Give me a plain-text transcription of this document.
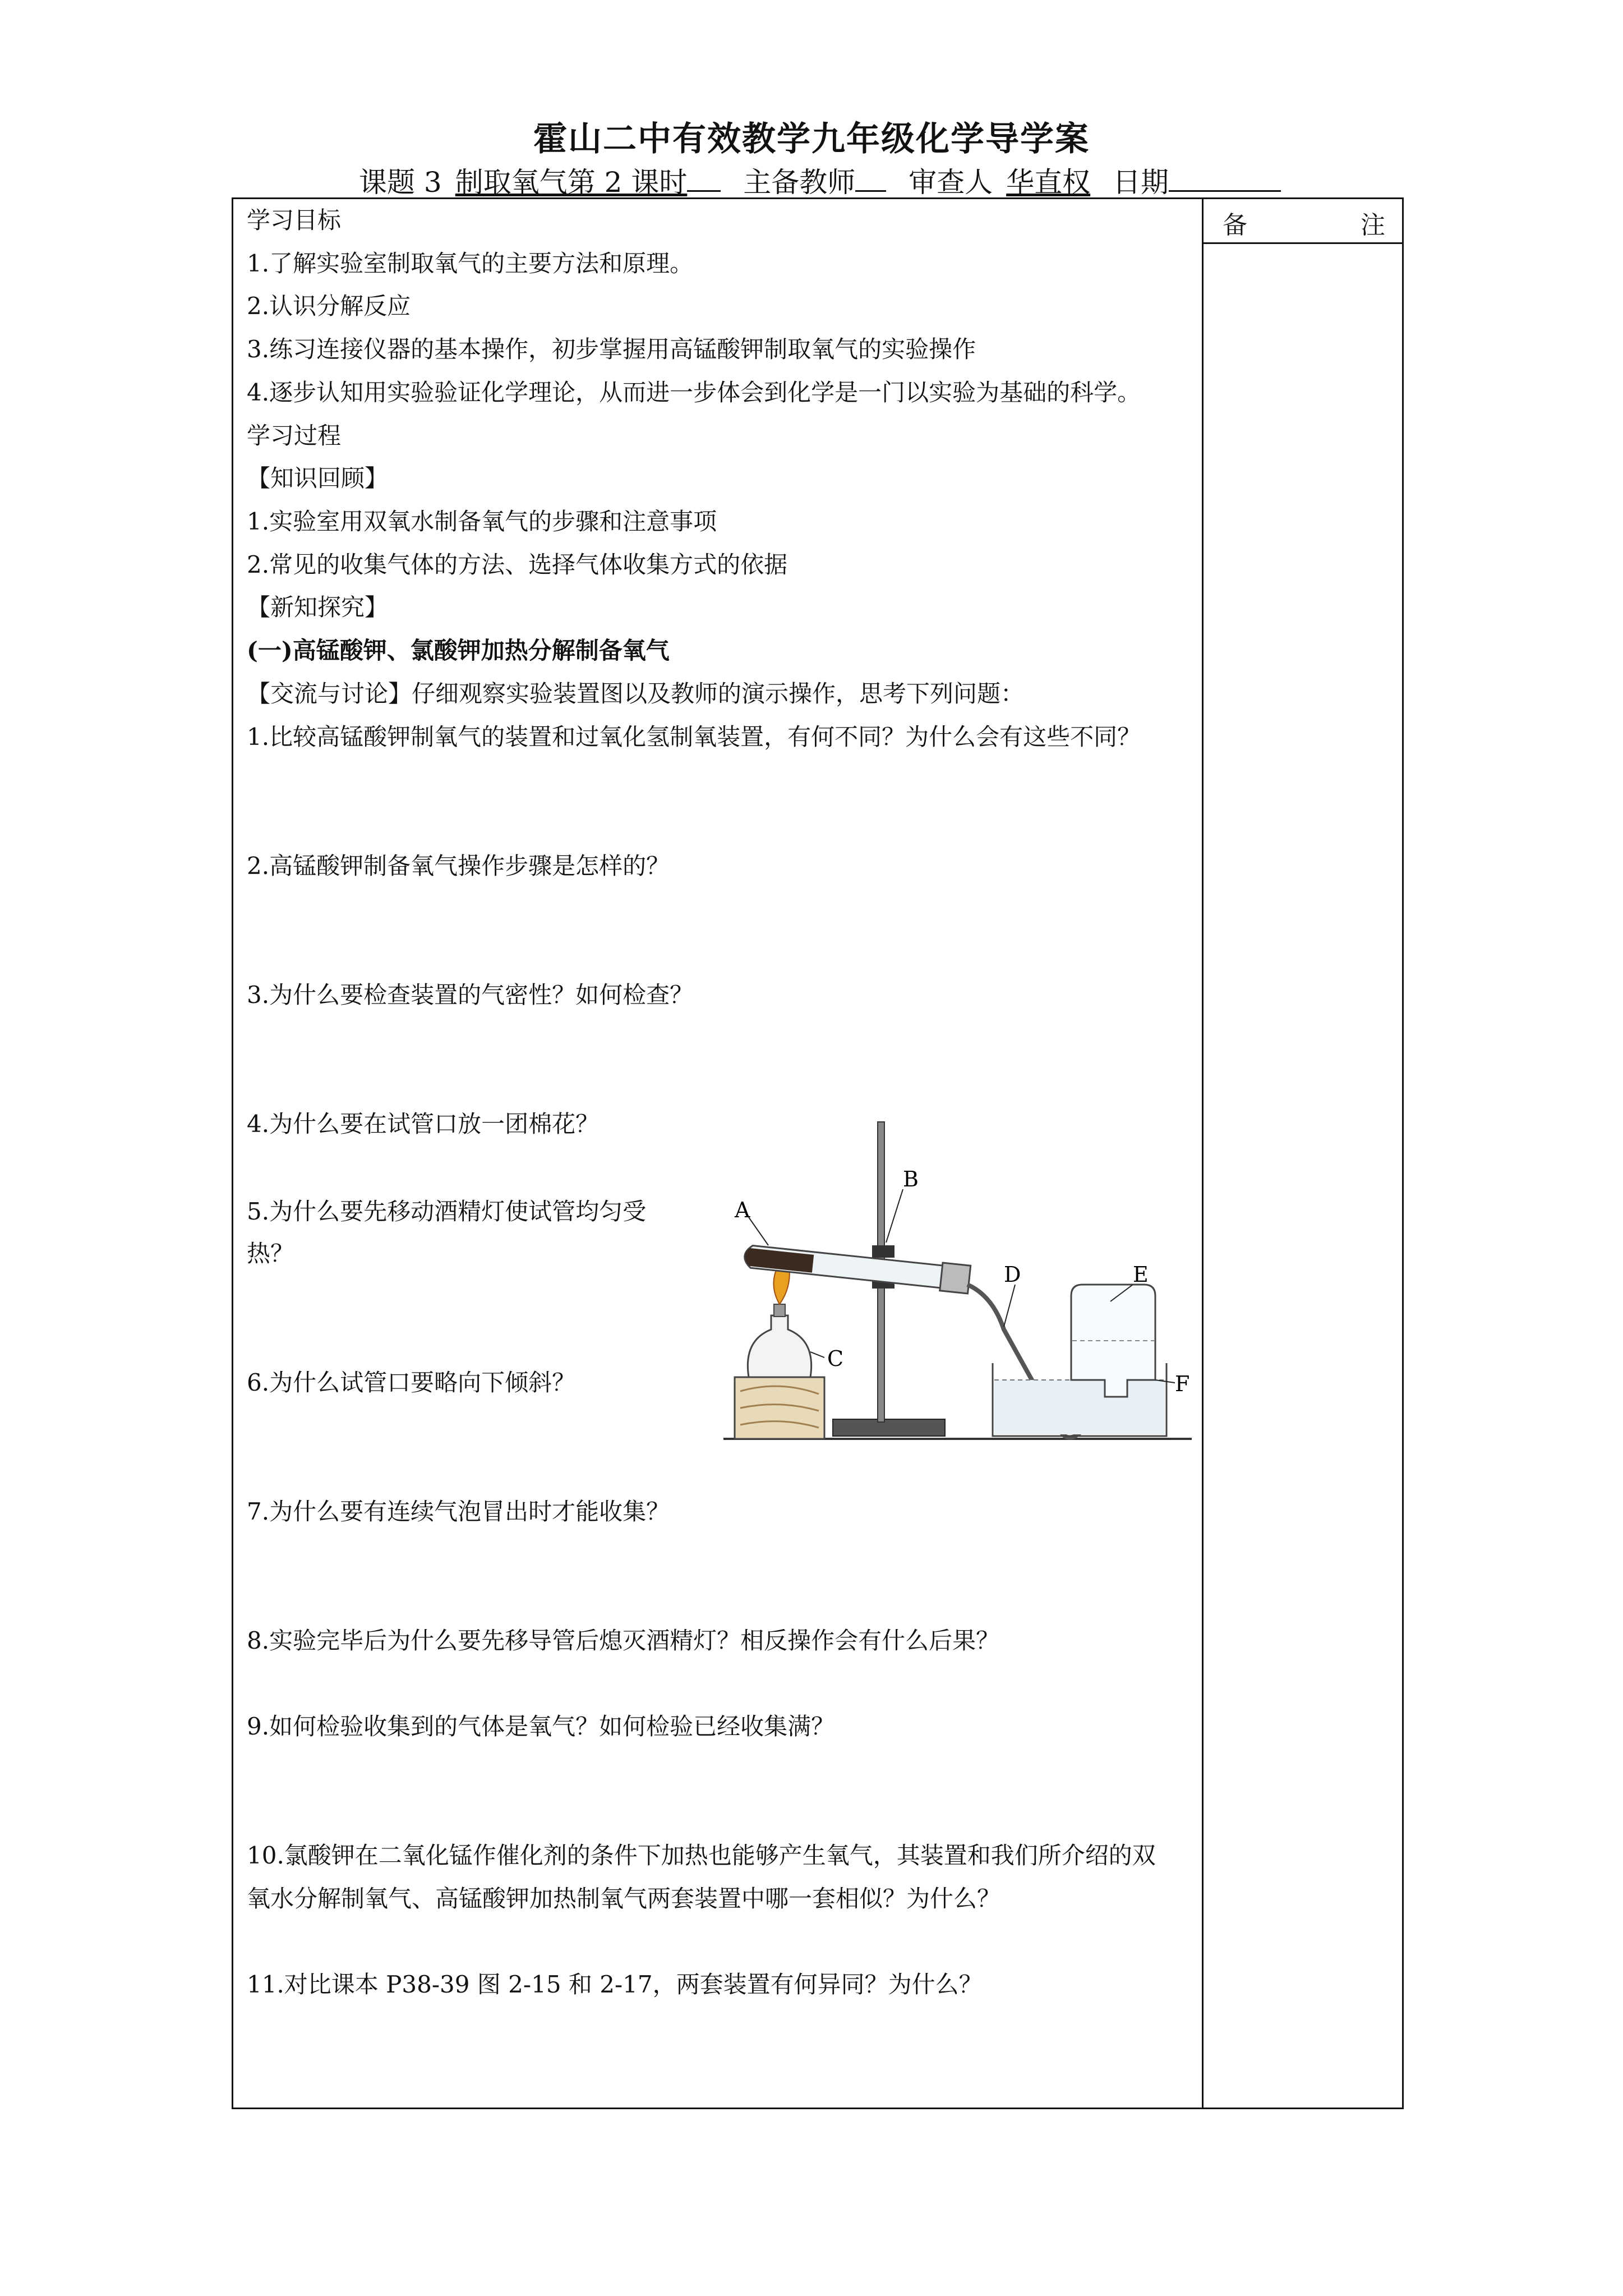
霍山二中有效教学九年级化学导学案
课题 3 制取氧气第 2 课时 主备教师 审查人 华直权 日期
备	注
学习目标
1.了解实验室制取氧气的主要方法和原理。
2.认识分解反应
3.练习连接仪器的基本操作，初步掌握用高锰酸钾制取氧气的实验操作
4.逐步认知用实验验证化学理论，从而进一步体会到化学是一门以实验为基础的科学。
学习过程
【知识回顾】
1.实验室用双氧水制备氧气的步骤和注意事项
2.常见的收集气体的方法、选择气体收集方式的依据
【新知探究】
(一)高锰酸钾、氯酸钾加热分解制备氧气
【交流与讨论】仔细观察实验装置图以及教师的演示操作，思考下列问题：
1.比较高锰酸钾制氧气的装置和过氧化氢制氧装置，有何不同？为什么会有这些不同？
2.高锰酸钾制备氧气操作步骤是怎样的？
3.为什么要检查装置的气密性？如何检查？
4.为什么要在试管口放一团棉花？
5.为什么要先移动酒精灯使试管均匀受
热？
6.为什么试管口要略向下倾斜？
7.为什么要有连续气泡冒出时才能收集？
8.实验完毕后为什么要先移导管后熄灭酒精灯？相反操作会有什么后果？
9.如何检验收集到的气体是氧气？如何检验已经收集满？
10.氯酸钾在二氧化锰作催化剂的条件下加热也能够产生氧气，其装置和我们所介绍的双
氧水分解制氧气、高锰酸钾加热制氧气两套装置中哪一套相似？为什么？
11.对比课本 P38-39 图 2-15 和 2-17，两套装置有何异同？为什么？
A
B
C
D	E
F
